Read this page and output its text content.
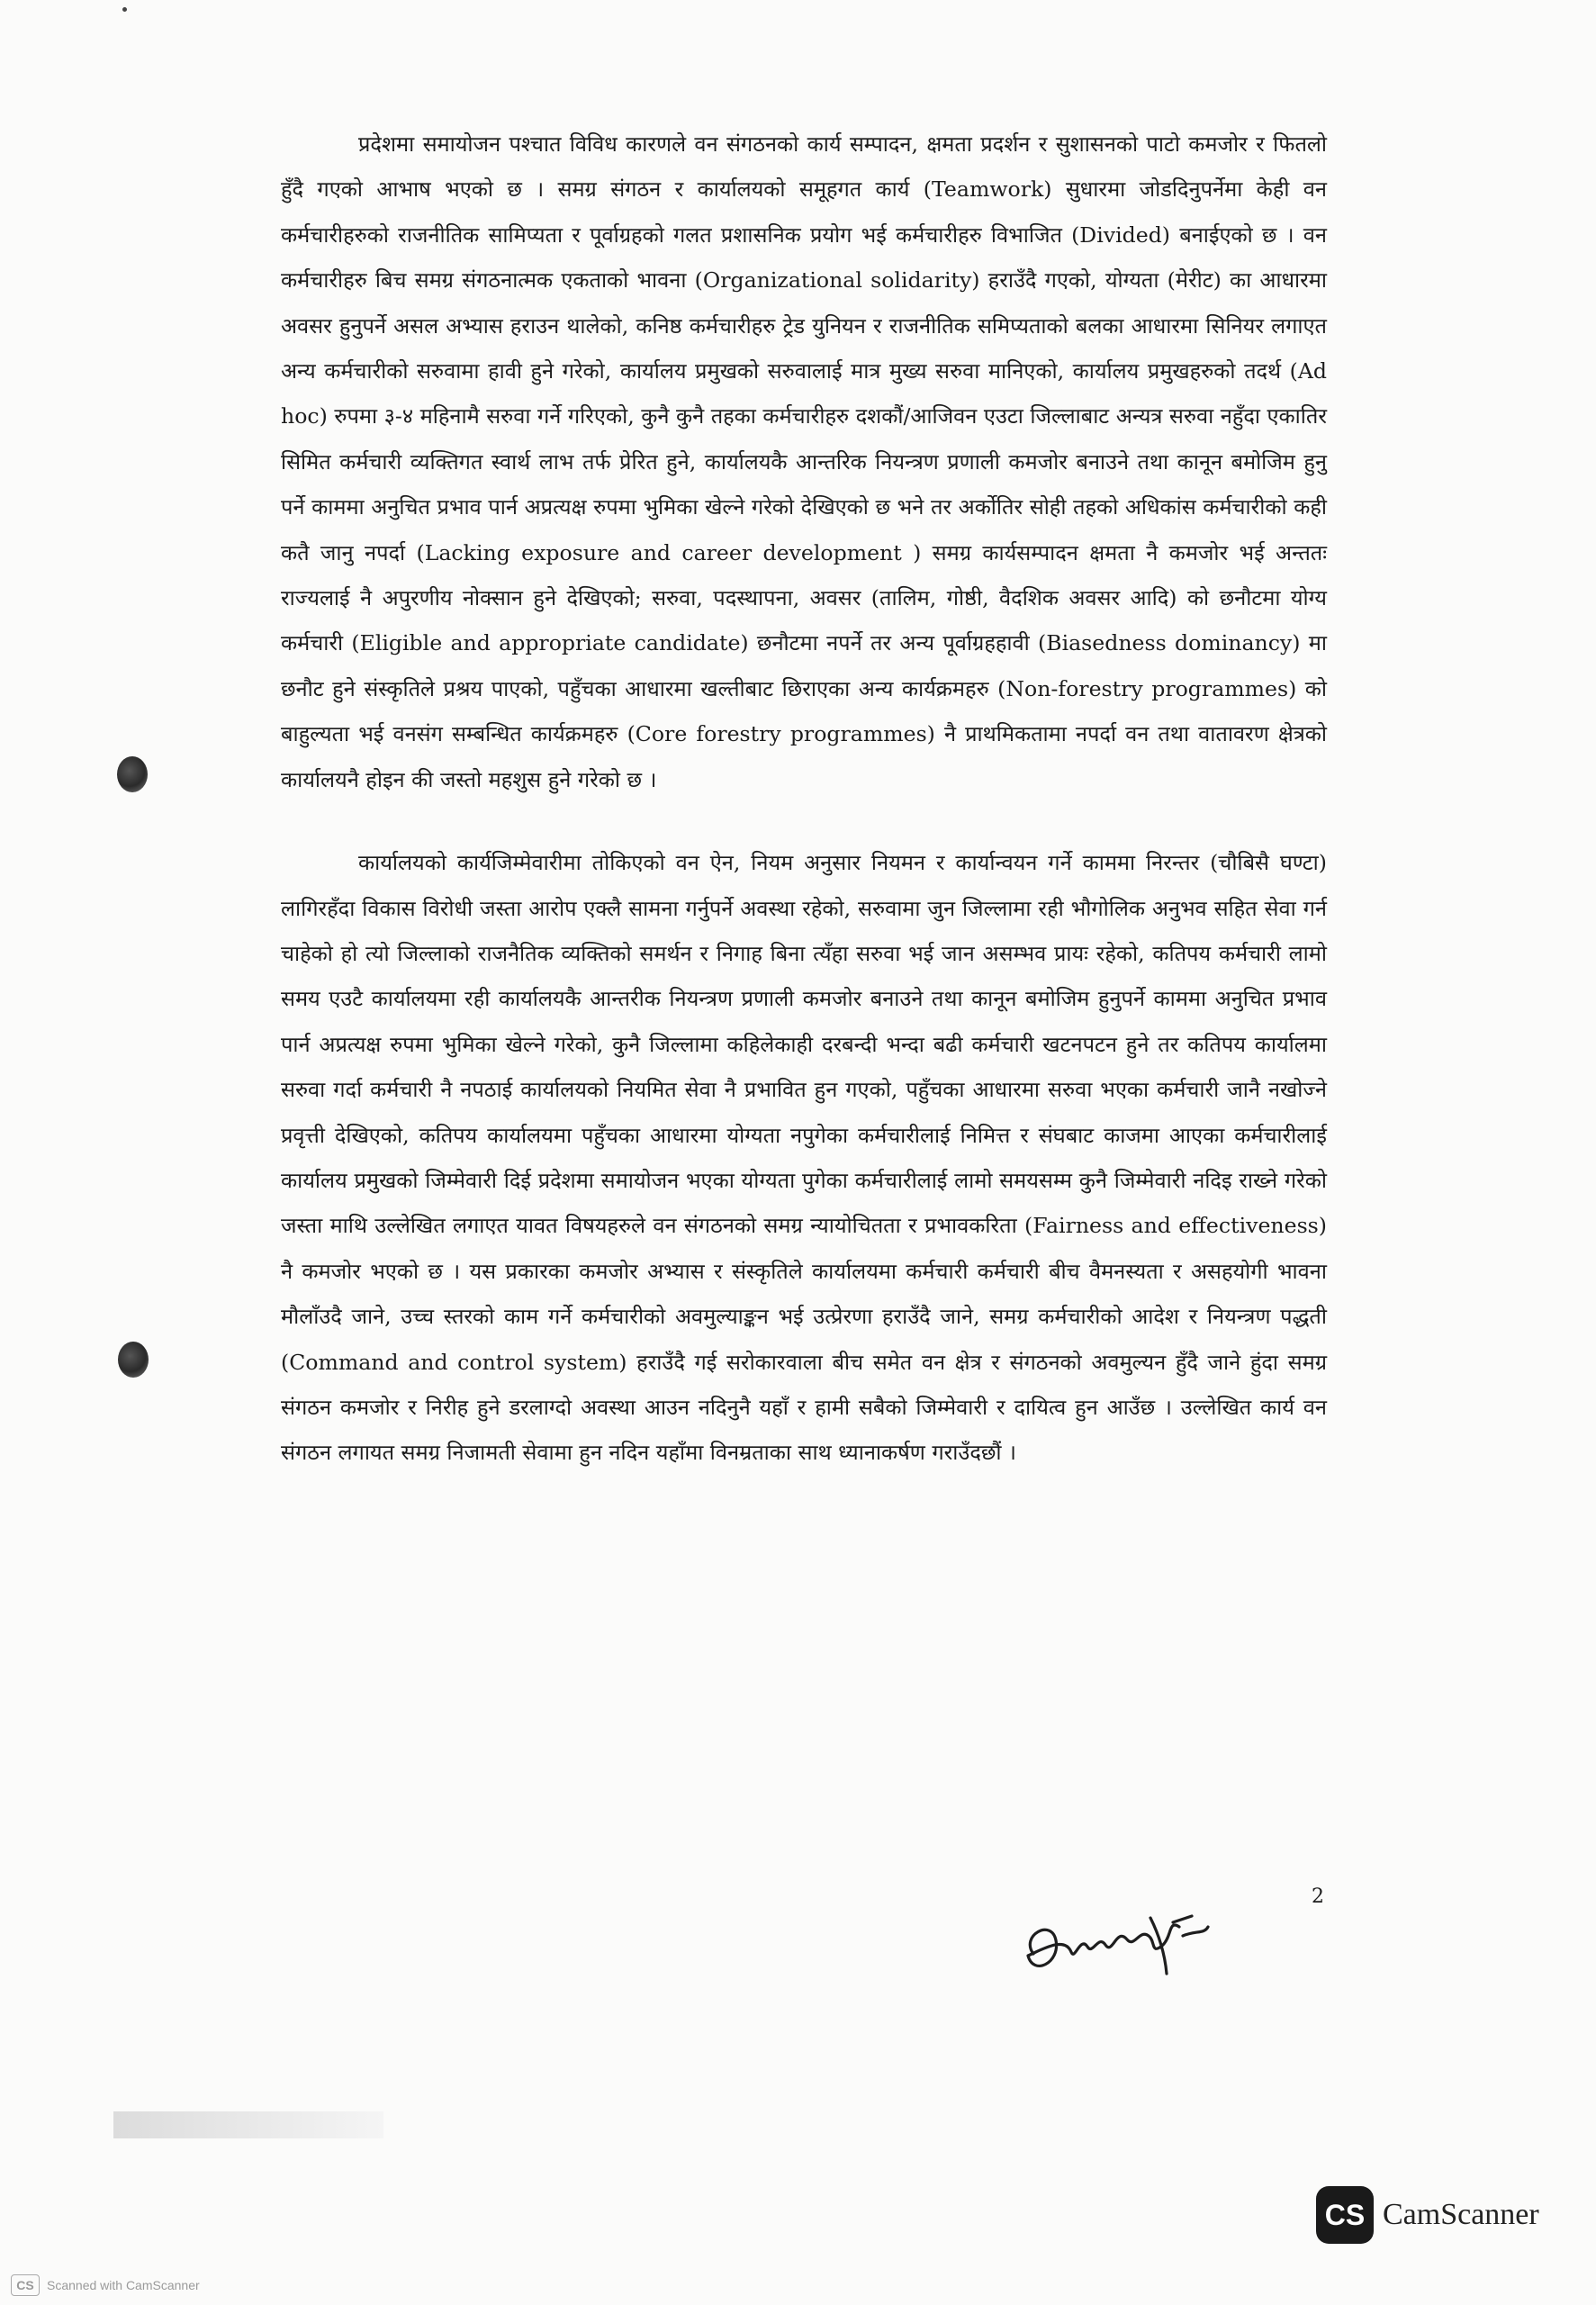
प्रदेशमा समायोजन पश्चात विविध कारणले वन संगठनको कार्य सम्पादन, क्षमता प्रदर्शन र सुशासनको पाटो कमजोर र फितलो हुँदै गएको आभाष भएको छ । समग्र संगठन र कार्यालयको समूहगत कार्य (Teamwork) सुधारमा जोडदिनुपर्नेमा केही वन कर्मचारीहरुको राजनीतिक सामिप्यता र पूर्वाग्रहको गलत प्रशासनिक प्रयोग भई कर्मचारीहरु विभाजित (Divided) बनाईएको छ । वन कर्मचारीहरु बिच समग्र संगठनात्मक एकताको भावना (Organizational solidarity) हराउँदै गएको, योग्यता (मेरीट) का आधारमा अवसर हुनुपर्ने असल अभ्यास हराउन थालेको, कनिष्ठ कर्मचारीहरु ट्रेड युनियन र राजनीतिक समिप्यताको बलका आधारमा सिनियर लगाएत अन्य कर्मचारीको सरुवामा हावी हुने गरेको, कार्यालय प्रमुखको सरुवालाई मात्र मुख्य सरुवा मानिएको, कार्यालय प्रमुखहरुको तदर्थ (Ad hoc) रुपमा ३-४ महिनामै सरुवा गर्ने गरिएको, कुनै कुनै तहका कर्मचारीहरु दशकौं/आजिवन एउटा जिल्लाबाट अन्यत्र सरुवा नहुँदा एकातिर सिमित कर्मचारी व्यक्तिगत स्वार्थ लाभ तर्फ प्रेरित हुने, कार्यालयकै आन्तरिक नियन्त्रण प्रणाली कमजोर बनाउने तथा कानून बमोजिम हुनु पर्ने काममा अनुचित प्रभाव पार्न अप्रत्यक्ष रुपमा भुमिका खेल्ने गरेको देखिएको छ भने तर अर्कोतिर सोही तहको अधिकांस कर्मचारीको कही कतै जानु नपर्दा (Lacking exposure and career development ) समग्र कार्यसम्पादन क्षमता नै कमजोर भई अन्ततः राज्यलाई नै अपुरणीय नोक्सान हुने देखिएको; सरुवा, पदस्थापना, अवसर (तालिम, गोष्ठी, वैदशिक अवसर आदि) को छनौटमा योग्य कर्मचारी (Eligible and appropriate candidate) छनौटमा नपर्ने तर अन्य पूर्वाग्रहहावी (Biasedness dominancy) मा छनौट हुने संस्कृतिले प्रश्रय पाएको, पहुँचका आधारमा खल्तीबाट छिराएका अन्य कार्यक्रमहरु (Non-forestry programmes) को बाहुल्यता भई वनसंग सम्बन्धित कार्यक्रमहरु (Core forestry programmes) नै प्राथमिकतामा नपर्दा वन तथा वातावरण क्षेत्रको कार्यालयनै होइन की जस्तो महशुस हुने गरेको छ ।

कार्यालयको कार्यजिम्मेवारीमा तोकिएको वन ऐन, नियम अनुसार नियमन र कार्यान्वयन गर्ने काममा निरन्तर (चौबिसै घण्टा) लागिरहँदा विकास विरोधी जस्ता आरोप एक्लै सामना गर्नुपर्ने अवस्था रहेको, सरुवामा जुन जिल्लामा रही भौगोलिक अनुभव सहित सेवा गर्न चाहेको हो त्यो जिल्लाको राजनैतिक व्यक्तिको समर्थन र निगाह बिना त्यँहा सरुवा भई जान असम्भव प्रायः रहेको, कतिपय कर्मचारी लामो समय एउटै कार्यालयमा रही कार्यालयकै आन्तरीक नियन्त्रण प्रणाली कमजोर बनाउने तथा कानून बमोजिम हुनुपर्ने काममा अनुचित प्रभाव पार्न अप्रत्यक्ष रुपमा भुमिका खेल्ने गरेको, कुनै जिल्लामा कहिलेकाही दरबन्दी भन्दा बढी कर्मचारी खटनपटन हुने तर कतिपय कार्यालमा सरुवा गर्दा कर्मचारी नै नपठाई कार्यालयको नियमित सेवा नै प्रभावित हुन गएको, पहुँचका आधारमा सरुवा भएका कर्मचारी जानै नखोज्ने प्रवृत्ती देखिएको, कतिपय कार्यालयमा पहुँचका आधारमा योग्यता नपुगेका कर्मचारीलाई निमित्त र संघबाट काजमा आएका कर्मचारीलाई कार्यालय प्रमुखको जिम्मेवारी दिई प्रदेशमा समायोजन भएका योग्यता पुगेका कर्मचारीलाई लामो समयसम्म कुनै जिम्मेवारी नदिइ राख्ने गरेको जस्ता माथि उल्लेखित लगाएत यावत विषयहरुले वन संगठनको समग्र न्यायोचितता र प्रभावकरिता (Fairness and effectiveness) नै कमजोर भएको छ । यस प्रकारका कमजोर अभ्यास र संस्कृतिले कार्यालयमा कर्मचारी कर्मचारी बीच वैमनस्यता र असहयोगी भावना मौलाँउदै जाने, उच्च स्तरको काम गर्ने कर्मचारीको अवमुल्याङ्कन भई उत्प्रेरणा हराउँदै जाने, समग्र कर्मचारीको आदेश र नियन्त्रण पद्धती (Command and control system) हराउँदै गई सरोकारवाला बीच समेत वन क्षेत्र र संगठनको अवमुल्यन हुँदै जाने हुंदा समग्र संगठन कमजोर र निरीह हुने डरलाग्दो अवस्था आउन नदिनुनै यहाँ र हामी सबैको जिम्मेवारी र दायित्व हुन आउँछ । उल्लेखित कार्य वन संगठन लगायत समग्र निजामती सेवामा हुन नदिन यहाँमा विनम्रताका साथ ध्यानाकर्षण गराउँदछौं ।

2
CS CamScanner
CS	Scanned with CamScanner
